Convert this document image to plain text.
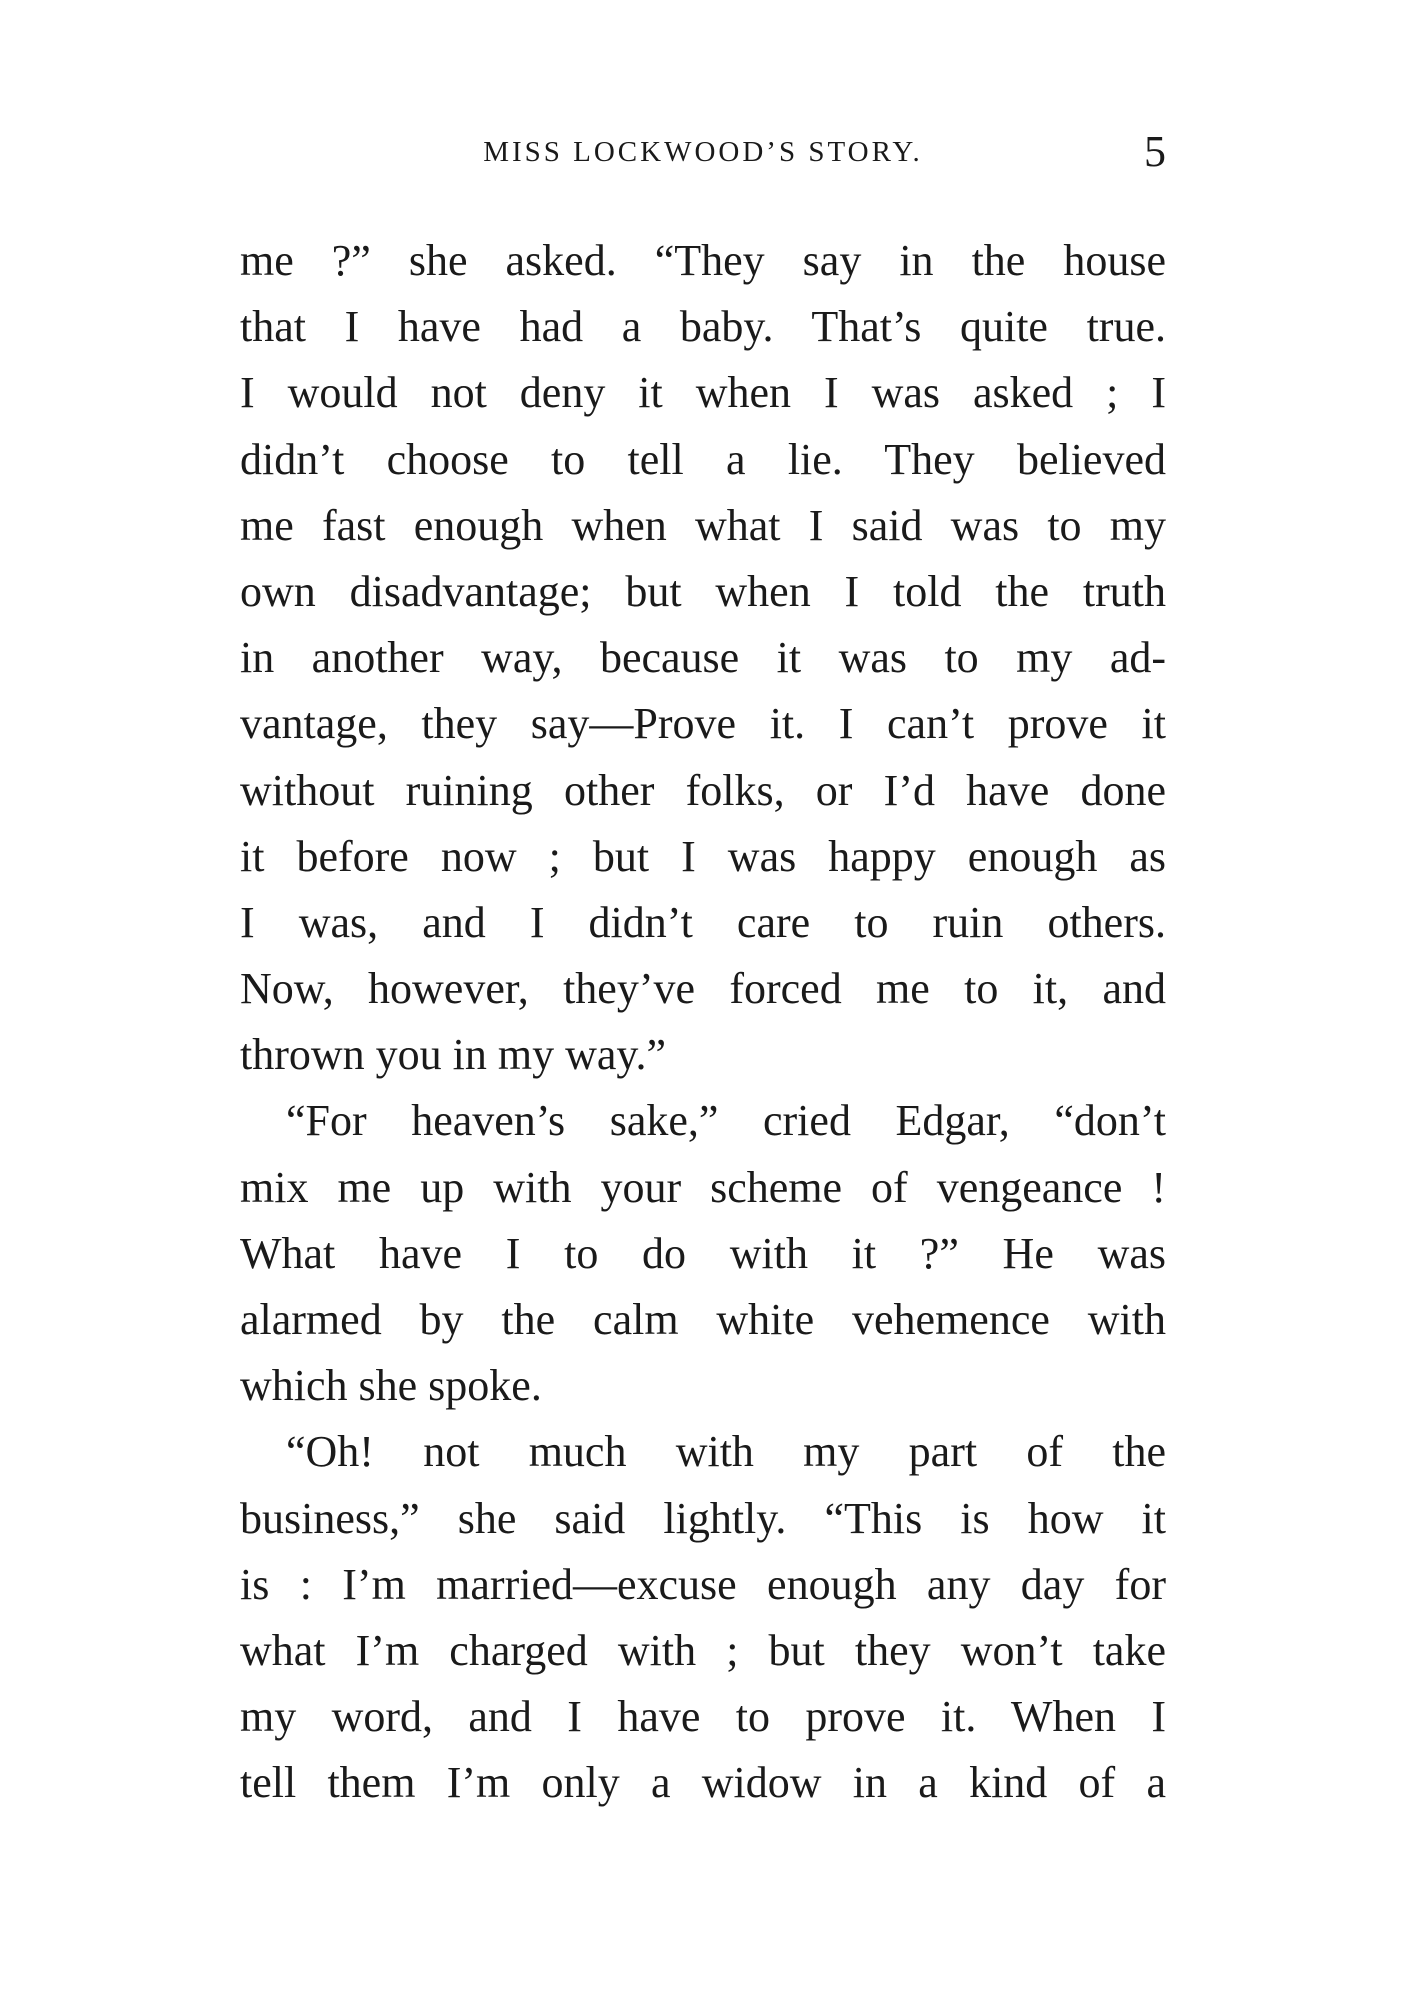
MISS LOCKWOOD’S STORY.	5
me ?” she asked. “They say in the house
that I have had a baby. That’s quite true.
I would not deny it when I was asked ; I
didn’t choose to tell a lie. They believed
me fast enough when what I said was to my
own disadvantage; but when I told the truth
in another way, because it was to my ad-
vantage, they say—Prove it. I can’t prove it
without ruining other folks, or I’d have done
it before now ; but I was happy enough as
I was, and I didn’t care to ruin others.
Now, however, they’ve forced me to it, and
thrown you in my way.”
“For heaven’s sake,” cried Edgar, “don’t
mix me up with your scheme of vengeance !
What have I to do with it ?” He was
alarmed by the calm white vehemence with
which she spoke.
“Oh! not much with my part of the
business,” she said lightly. “This is how it
is : I’m married—excuse enough any day for
what I’m charged with ; but they won’t take
my word, and I have to prove it. When I
tell them I’m only a widow in a kind of a
